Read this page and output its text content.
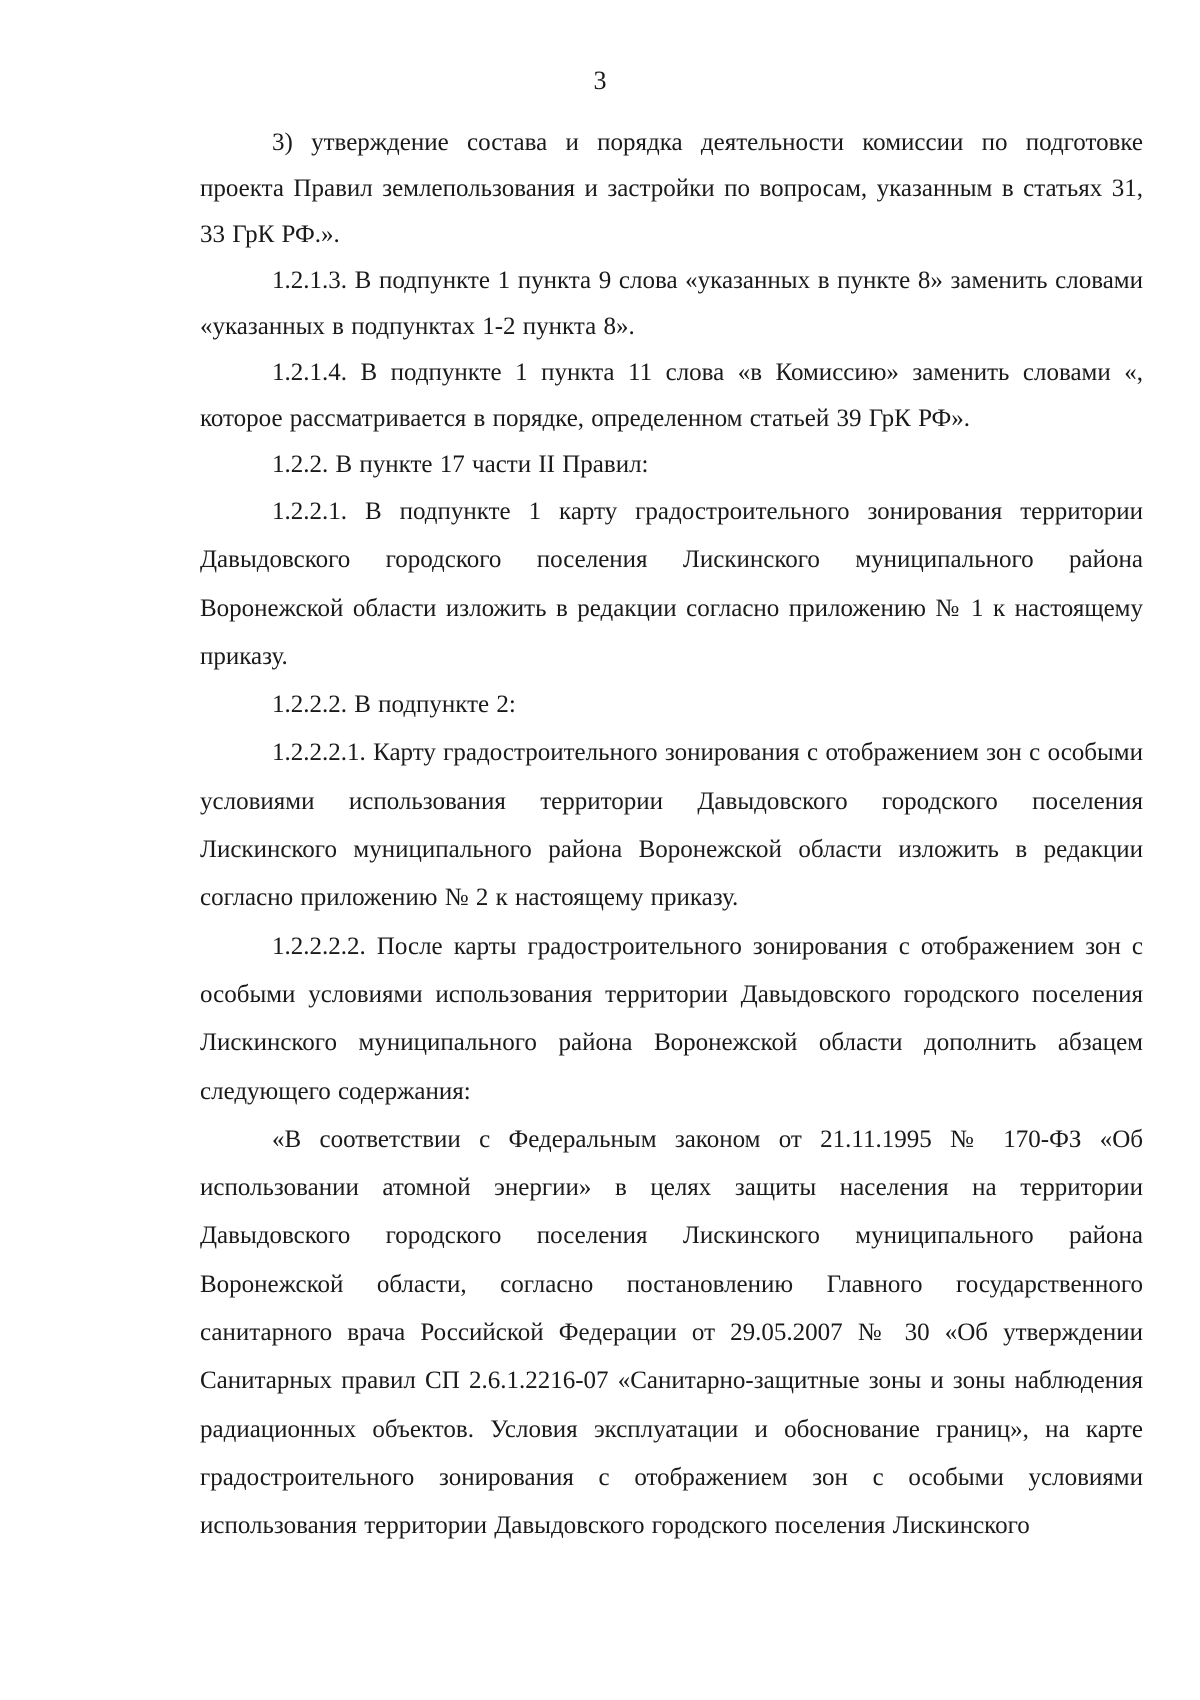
3

3) утверждение состава и порядка деятельности комиссии по подготовке проекта Правил землепользования и застройки по вопросам, указанным в статьях 31, 33 ГрК РФ.».

1.2.1.3. В подпункте 1 пункта 9 слова «указанных в пункте 8» заменить словами «указанных в подпунктах 1-2 пункта 8».

1.2.1.4. В подпункте 1 пункта 11 слова «в Комиссию» заменить словами «, которое рассматривается в порядке, определенном статьей 39 ГрК РФ».

1.2.2. В пункте 17 части II Правил:

1.2.2.1. В подпункте 1 карту градостроительного зонирования территории Давыдовского городского поселения Лискинского муниципального района Воронежской области изложить в редакции согласно приложению № 1 к настоящему приказу.

1.2.2.2. В подпункте 2:

1.2.2.2.1. Карту градостроительного зонирования с отображением зон с особыми условиями использования территории Давыдовского городского поселения Лискинского муниципального района Воронежской области изложить в редакции согласно приложению № 2 к настоящему приказу.

1.2.2.2.2. После карты градостроительного зонирования с отображением зон с особыми условиями использования территории Давыдовского городского поселения Лискинского муниципального района Воронежской области дополнить абзацем следующего содержания:

«В соответствии с Федеральным законом от 21.11.1995 № 170-ФЗ «Об использовании атомной энергии» в целях защиты населения на территории Давыдовского городского поселения Лискинского муниципального района Воронежской области, согласно постановлению Главного государственного санитарного врача Российской Федерации от 29.05.2007 № 30 «Об утверждении Санитарных правил СП 2.6.1.2216-07 «Санитарно-защитные зоны и зоны наблюдения радиационных объектов. Условия эксплуатации и обоснование границ», на карте градостроительного зонирования с отображением зон с особыми условиями использования территории Давыдовского городского поселения Лискинского
